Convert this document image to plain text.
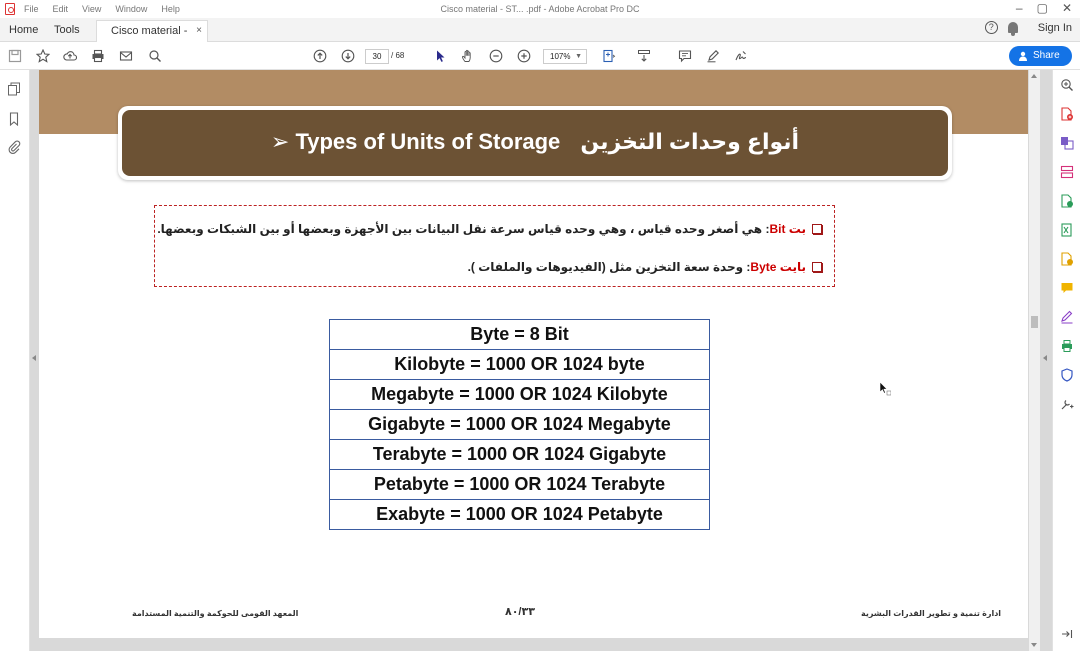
File Edit View Window Help	Cisco material - ST... .pdf - Adobe Acrobat Pro DC	– ▢ ✕
Home Tools	Cisco material - ×	?	Sign In
30	/ 68	107% ▼	Share
➢ Types of Units of Storage أنواع وحدات التخزين
بت Bit
: هي أصغر وحده قياس ، وهي وحده قياس سرعة نقل البيانات بين الأجهزة وبعضها أو بين الشبكات وبعضها.
بايت Byte
: وحدة سعة التخزين مثل (الفيديوهات والملفات ).
Byte = 8 Bit
Kilobyte = 1000 OR 1024 byte
Megabyte = 1000 OR 1024 Kilobyte
Gigabyte = 1000 OR 1024 Megabyte
Terabyte = 1000 OR 1024 Gigabyte
Petabyte = 1000 OR 1024 Terabyte
Exabyte = 1000 OR 1024 Petabyte
المعهد القومى للحوكمة والتنمية المستدامة	٨٠/٣٣	ادارة تنمية و تطوير القدرات البشرية
